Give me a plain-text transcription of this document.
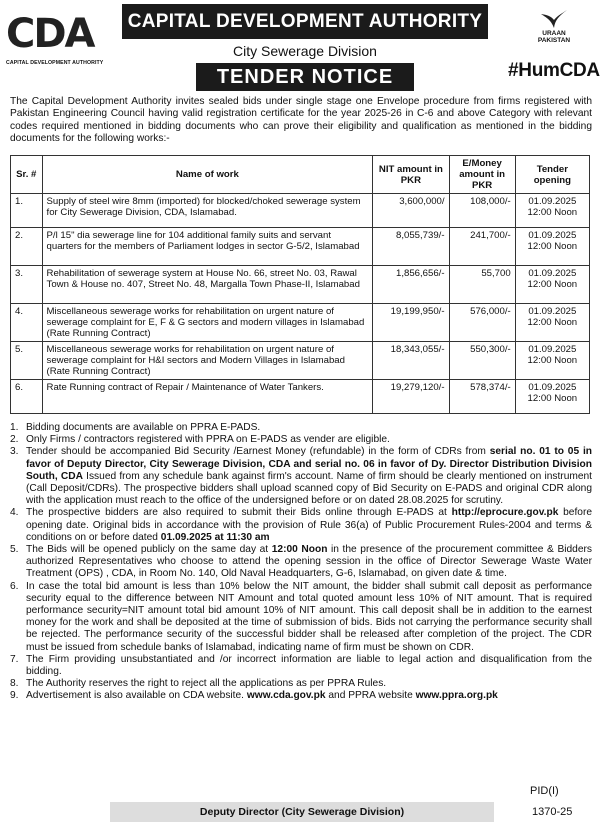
CDA
CAPITAL DEVELOPMENT AUTHORITY
CAPITAL DEVELOPMENT AUTHORITY
City Sewerage Division
TENDER NOTICE
URAAN
PAKISTAN
#HumCDA
The Capital Development Authority invites sealed bids under single stage one Envelope procedure from firms registered with Pakistan Engineering Council having valid registration certificate for the year 2025-26 in C-6 and above Category with relevant codes required mentioned in bidding documents who can prove their eligibility and qualification as mentioned in the bidding documents for the following works:-
Sr. #	Name of work	NIT amount in PKR	E/Money amount in PKR	Tender opening
1.	Supply of steel wire 8mm (imported) for blocked/choked sewerage system for City Sewerage Division, CDA, Islamabad.	3,600,000/	108,000/-	01.09.2025
12:00 Noon

2.	P/l 15" dia sewerage line for 104 additional family suits and servant quarters for the members of Parliament lodges in sector G-5/2, Islamabad	8,055,739/-	241,700/-	01.09.2025
12:00 Noon

3.	Rehabilitation of sewerage system at House No. 66, street No. 03, Rawal Town & House no. 407, Street No. 48, Margalla Town Phase-II, Islamabad	1,856,656/-	55,700	01.09.2025
12:00 Noon

4.	Miscellaneous sewerage works for rehabilitation on urgent nature of sewerage complaint for E, F & G sectors and modern villages in Islamabad (Rate Running Contract)	19,199,950/-	576,000/-	01.09.2025
12:00 Noon

5.	Miscellaneous sewerage works for rehabilitation on urgent nature of sewerage complaint for H&I sectors and Modern Villages in Islamabad (Rate Running Contract)	18,343,055/-	550,300/-	01.09.2025
12:00 Noon

6.	Rate Running contract of Repair / Maintenance of Water Tankers.	19,279,120/-	578,374/-	01.09.2025
12:00 Noon
1. Bidding documents are available on PPRA E-PADS.
2. Only Firms / contractors registered with PPRA on E-PADS as vender are eligible.
3. Tender should be accompanied Bid Security /Earnest Money (refundable) in the form of CDRs from serial no. 01 to 05 in favor of Deputy Director, City Sewerage Division, CDA and serial no. 06 in favor of Dy. Director Distribution Division South, CDA Issued from any schedule bank against firm's account. Name of firm should be clearly mentioned on instrument (Call Deposit/CDRs). The prospective bidders shall upload scanned copy of Bid Security on E-PADS and original CDR along with the application must reach to the office of the undersigned before or on dated 28.08.2025 for scrutiny.
4. The prospective bidders are also required to submit their Bids online through E-PADS at http://eprocure.gov.pk before opening date. Original bids in accordance with the provision of Rule 36(a) of Public Procurement Rules-2004 and terms & conditions on or before dated 01.09.2025 at 11:30 am
5. The Bids will be opened publicly on the same day at 12:00 Noon in the presence of the procurement committee & Bidders authorized Representatives who choose to attend the opening session in the office of Director Sewerage Waste Water Treatment (OPS) , CDA, in Room No. 140, Old Naval Headquarters, G-6, Islamabad, on given date & time.
6. In case the total bid amount is less than 10% below the NIT amount, the bidder shall submit call deposit as performance security equal to the difference between NIT Amount and total quoted amount less 10% of NIT amount. That is required performance security=NIT amount total bid amount 10% of NIT amount. This call deposit shall be in addition to the earnest money for the work and shall be deposited at the time of submission of bids. Bids not carrying the performance security shall be rejected. The performance security of the successful bidder shall be released after completion of the project. The CDR must be issued from schedule banks of Islamabad, indicating name of firm must be shown on CDR.
7. The Firm providing unsubstantiated and /or incorrect information are liable to legal action and disqualification from the bidding.
8. The Authority reserves the right to reject all the applications as per PPRA Rules.
9. Advertisement is also available on CDA website. www.cda.gov.pk and PPRA website www.ppra.org.pk
PID(I)
Deputy Director (City Sewerage Division)	1370-25
